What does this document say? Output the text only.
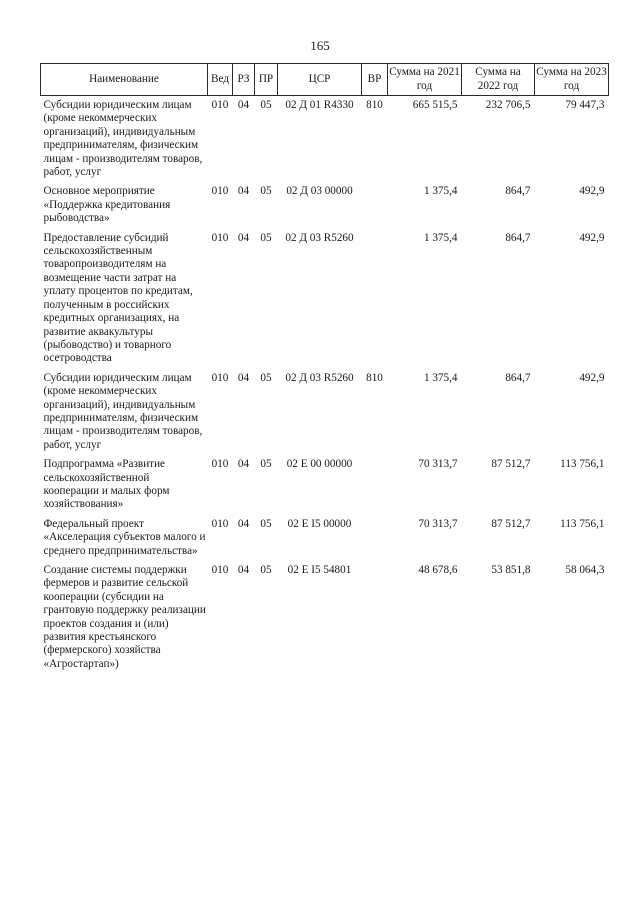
165
Наименование	Вед	РЗ	ПР	ЦСР	ВР	Сумма на 2021 год	Сумма на 2022 год	Сумма на 2023 год
Субсидии юридическим лицам (кроме некоммерческих организаций), индивидуальным предпринимателям, физическим лицам - производителям товаров, работ, услуг	010	04	05	02 Д 01 R4330	810	665 515,5	232 706,5	79 447,3
Основное мероприятие «Поддержка кредитования рыбоводства»	010	04	05	02 Д 03 00000		1 375,4	864,7	492,9
Предоставление субсидий сельскохозяйственным товаропроизводителям на возмещение части затрат на уплату процентов по кредитам, полученным в российских кредитных организациях, на развитие аквакультуры (рыбоводство) и товарного осетроводства	010	04	05	02 Д 03 R5260		1 375,4	864,7	492,9
Субсидии юридическим лицам (кроме некоммерческих организаций), индивидуальным предпринимателям, физическим лицам - производителям товаров, работ, услуг	010	04	05	02 Д 03 R5260	810	1 375,4	864,7	492,9
Подпрограмма «Развитие сельскохозяйственной кооперации и малых форм хозяйствования»	010	04	05	02 Е 00 00000		70 313,7	87 512,7	113 756,1
Федеральный проект «Акселерация субъектов малого и среднего предпринимательства»	010	04	05	02 Е I5 00000		70 313,7	87 512,7	113 756,1
Создание системы поддержки фермеров и развитие сельской кооперации (субсидии на грантовую поддержку реализации проектов создания и (или) развития крестьянского (фермерского) хозяйства «Агростартап»)	010	04	05	02 Е I5 54801		48 678,6	53 851,8	58 064,3
